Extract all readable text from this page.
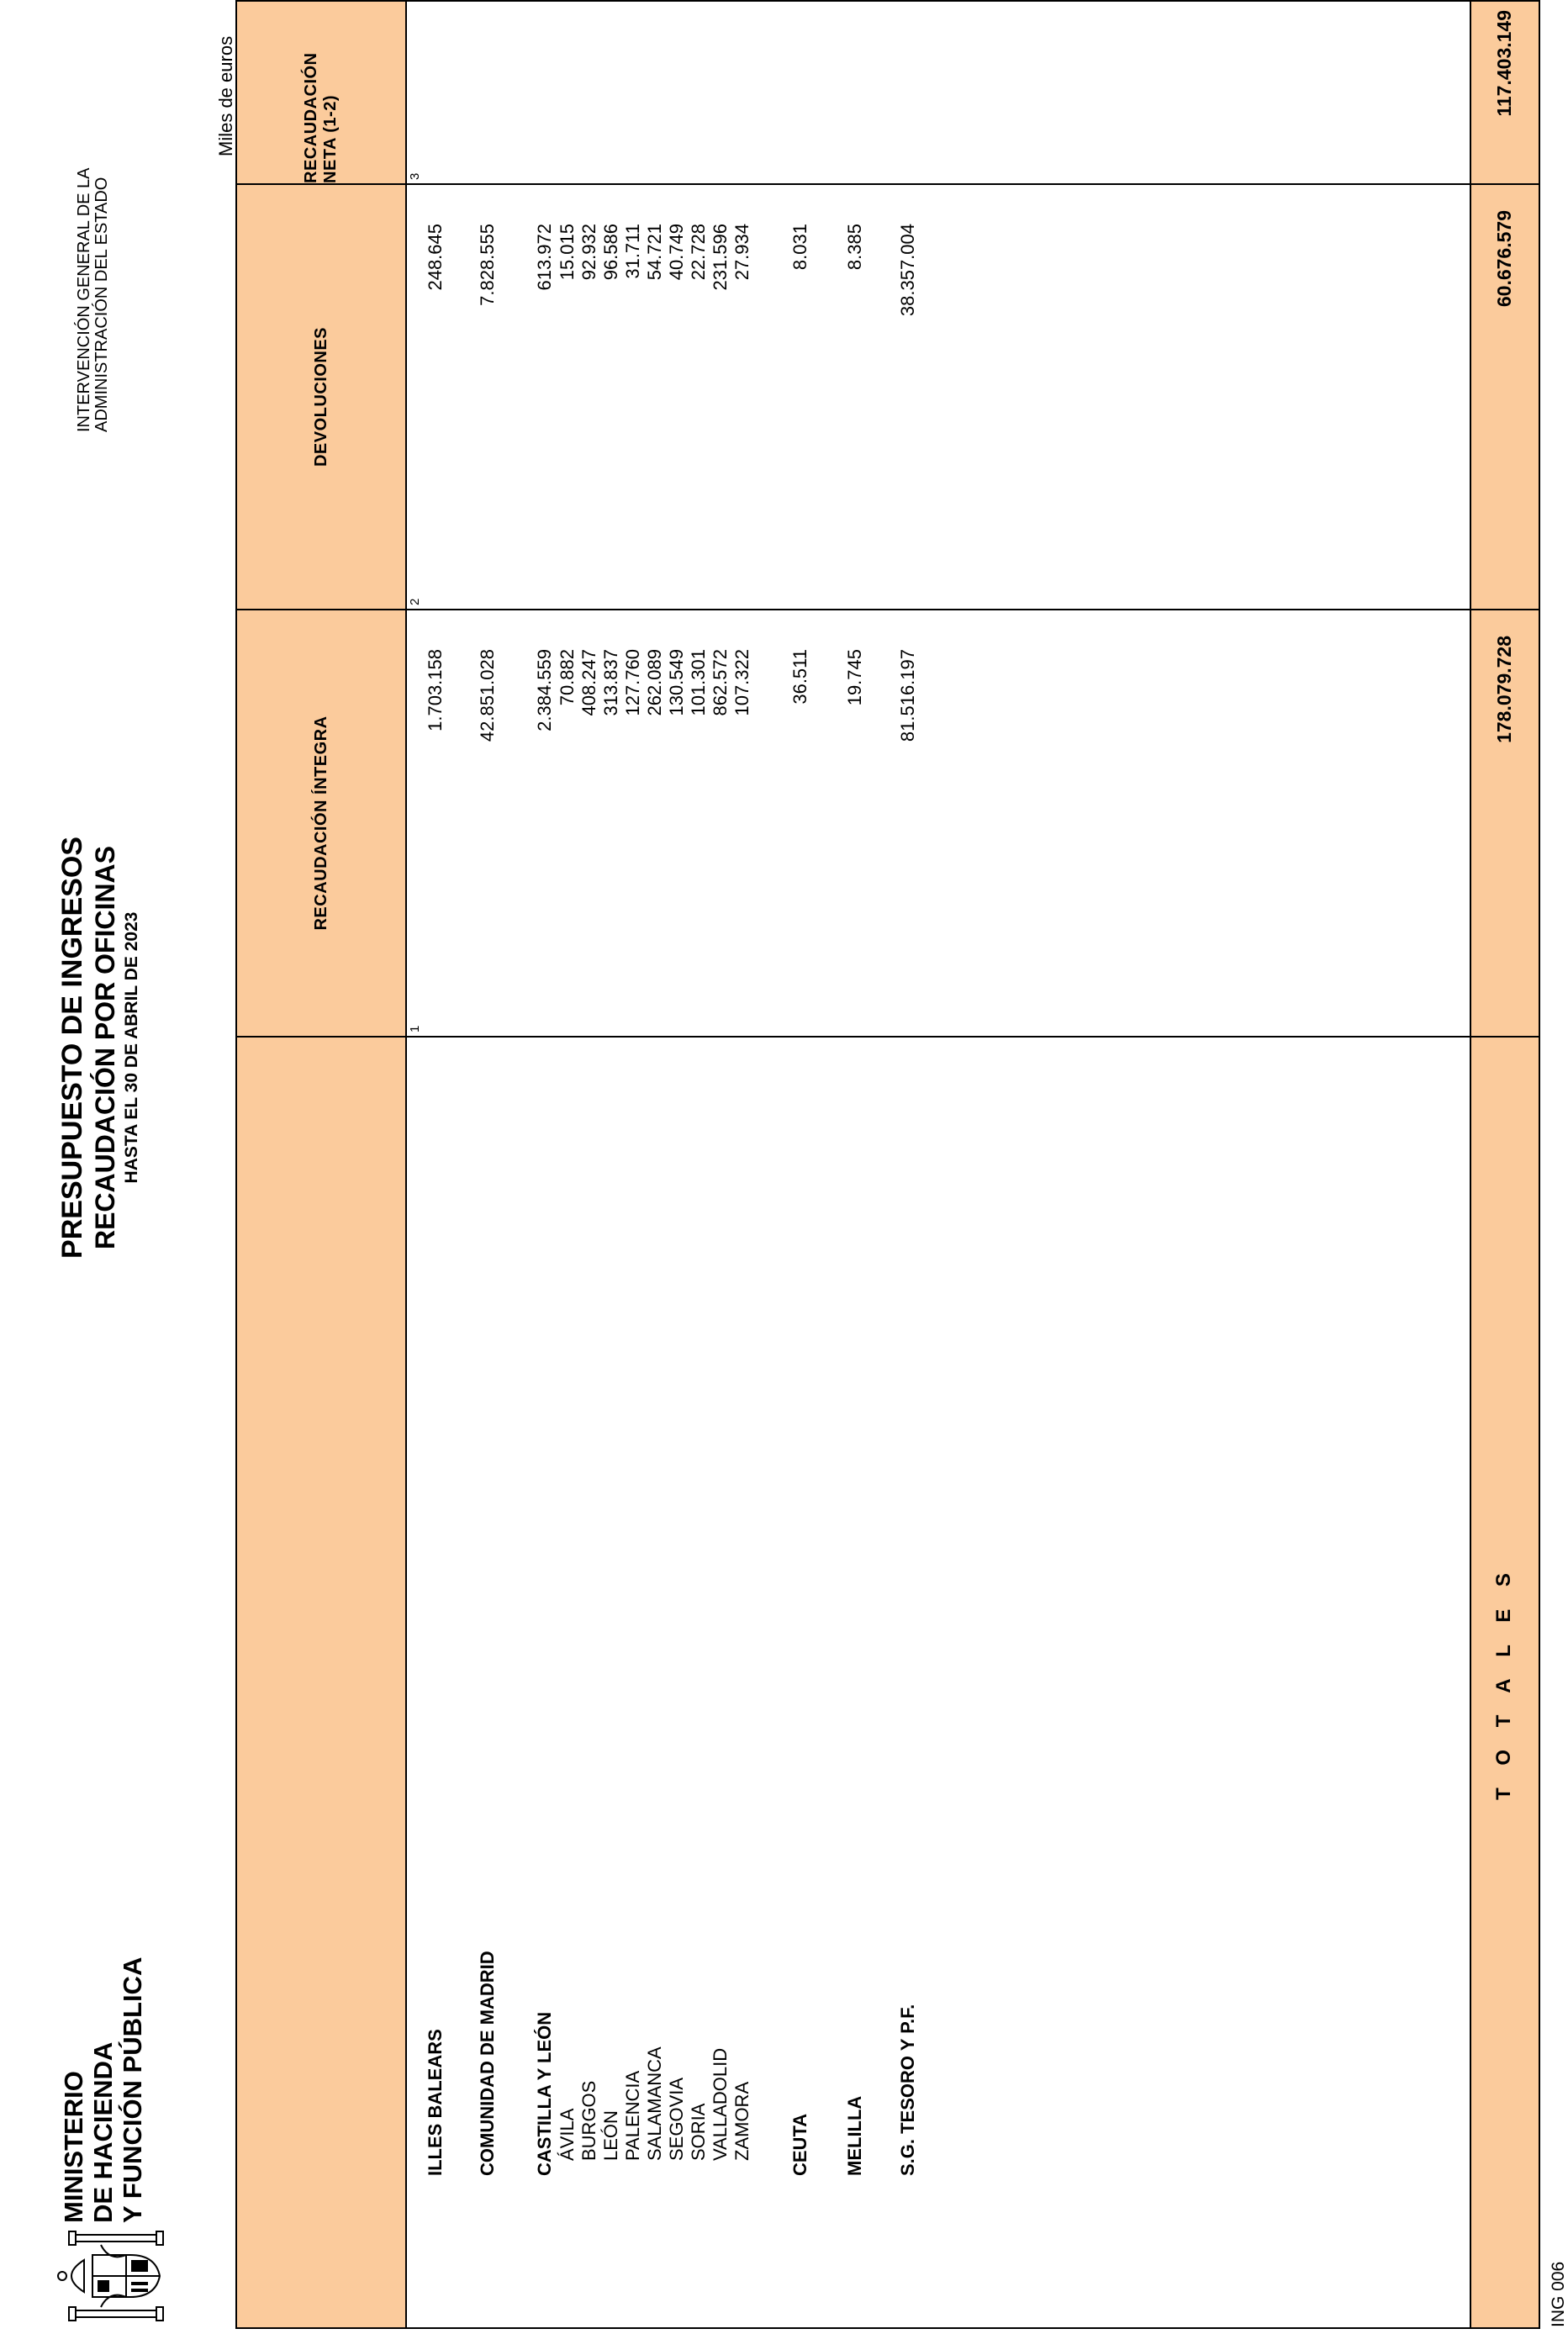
MINISTERIO DE HACIENDA Y FUNCIÓN PÚBLICA
PRESUPUESTO DE INGRESOS RECAUDACIÓN POR OFICINAS HASTA EL 30 DE ABRIL DE 2023
INTERVENCIÓN GENERAL DE LA ADMINISTRACIÓN DEL ESTADO
Miles de euros
RECAUDACIÓN ÍNTEGRA
DEVOLUCIONES
RECAUDACIÓN NETA (1-2)
1
2
3
ILLES BALEARS
1.703.158
248.645
COMUNIDAD DE MADRID
42.851.028
7.828.555
CASTILLA Y LEÓN
2.384.559
613.972
ÁVILA
70.882
15.015
BURGOS
408.247
92.932
LEÓN
313.837
96.586
PALENCIA
127.760
31.711
SALAMANCA
262.089
54.721
SEGOVIA
130.549
40.749
SORIA
101.301
22.728
VALLADOLID
862.572
231.596
ZAMORA
107.322
27.934
CEUTA
36.511
8.031
MELILLA
19.745
8.385
S.G. TESORO Y P.F.
81.516.197
38.357.004
T O T A L E S
178.079.728
60.676.579
117.403.149
ING 006
